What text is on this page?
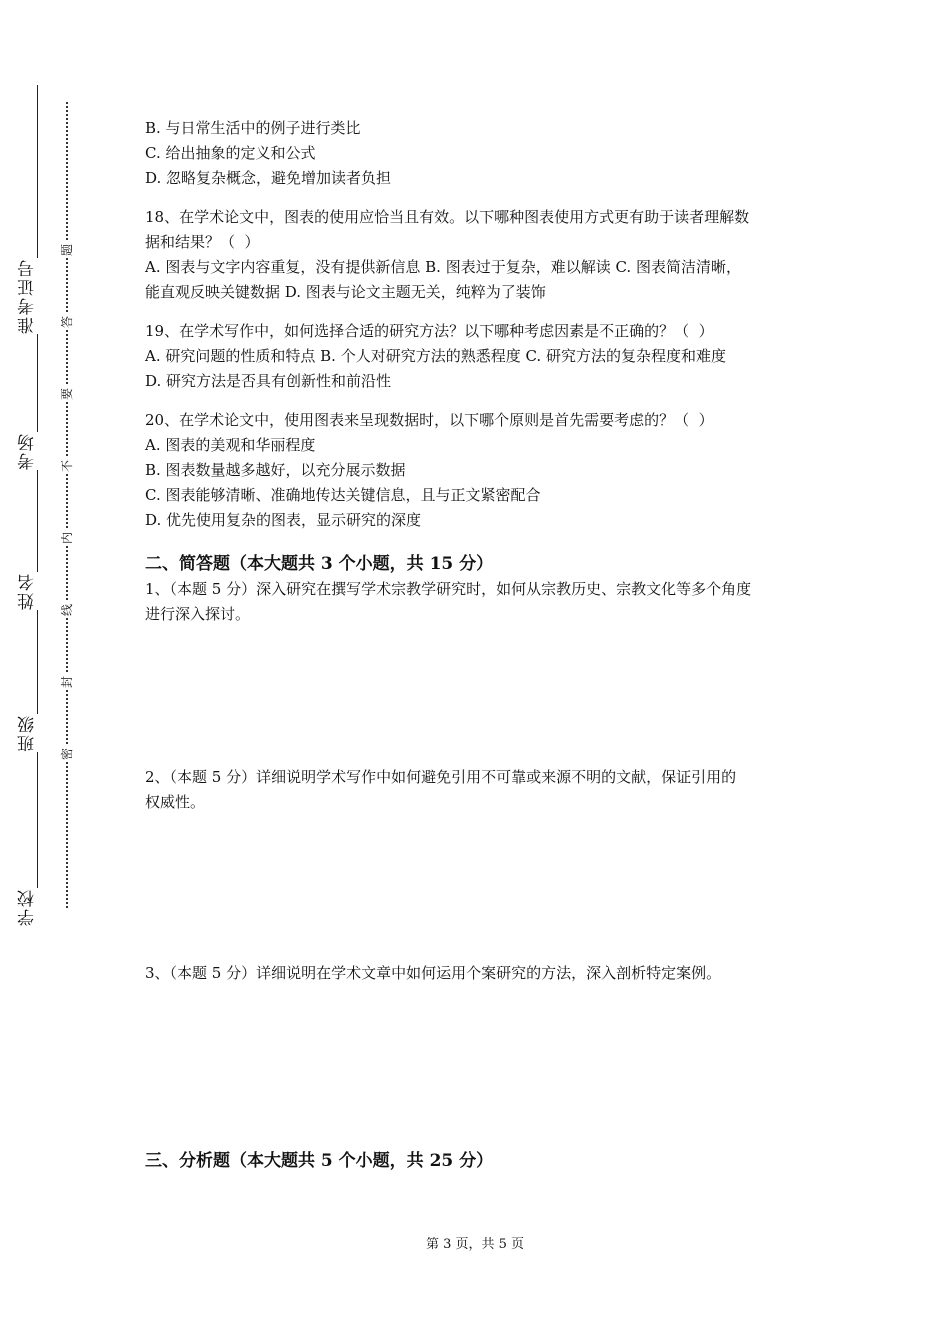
准考证号
考场
姓名
班级
学校
题
答
要
不
内
线
封
密

B. 与日常生活中的例子进行类比

C. 给出抽象的定义和公式

D. 忽略复杂概念，避免增加读者负担

18、在学术论文中，图表的使用应恰当且有效。以下哪种图表使用方式更有助于读者理解数

据和结果？（  ）

A. 图表与文字内容重复，没有提供新信息 B. 图表过于复杂，难以解读 C. 图表简洁清晰，

能直观反映关键数据 D. 图表与论文主题无关，纯粹为了装饰

19、在学术写作中，如何选择合适的研究方法？以下哪种考虑因素是不正确的？（  ）

A. 研究问题的性质和特点 B. 个人对研究方法的熟悉程度 C. 研究方法的复杂程度和难度

D. 研究方法是否具有创新性和前沿性

20、在学术论文中，使用图表来呈现数据时，以下哪个原则是首先需要考虑的？（  ）

A. 图表的美观和华丽程度

B. 图表数量越多越好，以充分展示数据

C. 图表能够清晰、准确地传达关键信息，且与正文紧密配合

D. 优先使用复杂的图表，显示研究的深度

二、简答题（本大题共 3 个小题，共 15 分）

1、（本题 5 分）深入研究在撰写学术宗教学研究时，如何从宗教历史、宗教文化等多个角度

进行深入探讨。

2、（本题 5 分）详细说明学术写作中如何避免引用不可靠或来源不明的文献，保证引用的

权威性。

3、（本题 5 分）详细说明在学术文章中如何运用个案研究的方法，深入剖析特定案例。

三、分析题（本大题共 5 个小题，共 25 分）

第 3 页，共 5 页
